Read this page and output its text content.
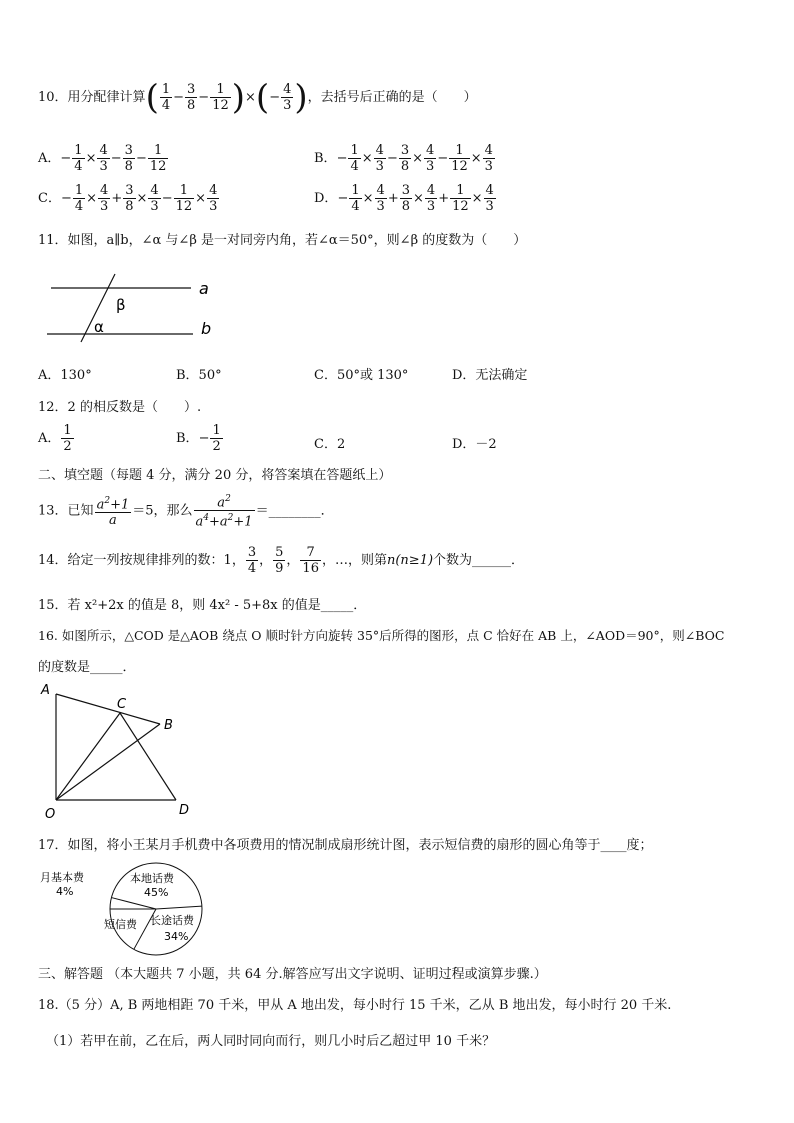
10．用分配律计算( $\frac{1}{4} - \frac{3}{8} - \frac{1}{12}$ )×(− $\frac{4}{3}$ )，去括号后正确的是（　　）
A．− $\frac{1}{4} \times \frac{4}{3} - \frac{3}{8} - \frac{1}{12}$	B．− $\frac{1}{4} \times \frac{4}{3} - \frac{3}{8} \times \frac{4}{3} - \frac{1}{12} \times \frac{4}{3}$
C．− $\frac{1}{4} \times \frac{4}{3} + \frac{3}{8} \times \frac{4}{3} - \frac{1}{12} \times \frac{4}{3}$	D．− $\frac{1}{4} \times \frac{4}{3} + \frac{3}{8} \times \frac{4}{3} + \frac{1}{12} \times \frac{4}{3}$
11．如图，a∥b，∠α 与∠β 是一对同旁内角，若∠α＝50°，则∠β 的度数为（　　）
a
b
β
α
A．130°	B．50°	C．50°或 130°	D．无法确定
12．2 的相反数是（　　）.
A． $\frac{1}{2}$	B．− $\frac{1}{2}$	C．2	D．－2
二、填空题（每题 4 分，满分 20 分，将答案填在答题纸上）
13．已知 $\frac{a^2+1}{a} =5$，那么 $\frac{a^2}{a^4+a^2+1}$ ＝________．
14．给定一列按规律排列的数：1， $\frac{3}{4}$ ， $\frac{5}{9}$ ， $\frac{7}{16}$ ，…，则第n(n≥1)个数为______．
15．若 x²+2x 的值是 8，则 4x² ‐ 5+8x 的值是_____．
16. 如图所示，△COD 是△AOB 绕点 O 顺时针方向旋转 35°后所得的图形，点 C 恰好在 AB 上，∠AOD＝90°，则∠BOC
的度数是_____．
A
C
B
O	D
17．如图，将小王某月手机费中各项费用的情况制成扇形统计图，表示短信费的扇形的圆心角等于____度；
月基本费
4%
本地话费
45%
长途话费
34%
短信费
三、解答题 （本大题共 7 小题，共 64 分.解答应写出文字说明、证明过程或演算步骤.）
18.（5 分）A, B 两地相距 70 千米，甲从 A 地出发，每小时行 15 千米，乙从 B 地出发，每小时行 20 千米.
（1）若甲在前，乙在后，两人同时同向而行，则几小时后乙超过甲 10 千米？
